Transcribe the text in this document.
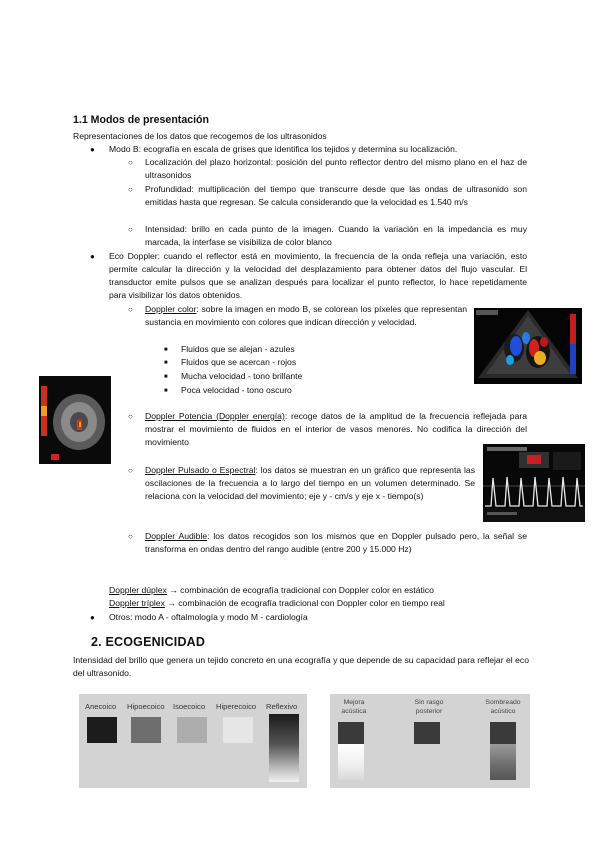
1.1 Modos de presentación
Representaciones de los datos que recogemos de los ultrasonidos
● Modo B: ecografía en escala de grises que identifica los tejidos y determina su localización.
○ Localización del plazo horizontal: posición del punto reflector dentro del mismo plano en el haz de ultrasonidos
○ Profundidad: multiplicación del tiempo que transcurre desde que las ondas de ultrasonido son emitidas hasta que regresan. Se calcula considerando que la velocidad es 1.540 m/s
○ Intensidad: brillo en cada punto de la imagen. Cuando la variación en la impedancia es muy marcada, la interfase se visibiliza de color blanco
● Eco Doppler: cuando el reflector está en movimiento, la frecuencia de la onda refleja una variación, esto permite calcular la dirección y la velocidad del desplazamiento para obtener datos del flujo vascular. El transductor emite pulsos que se analizan después para localizar el punto reflector, lo hace repetidamente para visibilizar los datos obtenidos.
○ Doppler color: sobre la imagen en modo B, se colorean los píxeles que representan sustancia en movimiento con colores que indican dirección y velocidad.
■ Fluidos que se alejan - azules
■ Fluidos que se acercan - rojos
■ Mucha velocidad - tono brillante
■ Poca velocidad - tono oscuro
○ Doppler Potencia (Doppler energía): recoge datos de la amplitud de la frecuencia reflejada para mostrar el movimiento de fluidos en el interior de vasos menores. No codifica la dirección del movimiento
○ Doppler Pulsado o Espectral: los datos se muestran en un gráfico que representa las oscilaciones de la frecuencia a lo largo del tiempo en un volumen determinado. Se relaciona con la velocidad del movimiento; eje y - cm/s y eje x - tiempo(s)
○ Doppler Audible: los datos recogidos son los mismos que en Doppler pulsado pero, la señal se transforma en ondas dentro del rango audible (entre 200 y 15.000 Hz)
Doppler dúplex → combinación de ecografía tradicional con Doppler color en estático
Doppler tríplex → combinación de ecografía tradicional con Doppler color en tiempo real
● Otros: modo A - oftalmología y modo M - cardiología
2. ECOGENICIDAD
Intensidad del brillo que genera un tejido concreto en una ecografía y que depende de su capacidad para reflejar el eco del ultrasonido.
Anecoico Hipoecoico Isoecoico Hiperecoico Reflexivo	Mejora acústica
Sin rasgo posterior
Sombreado acústico
